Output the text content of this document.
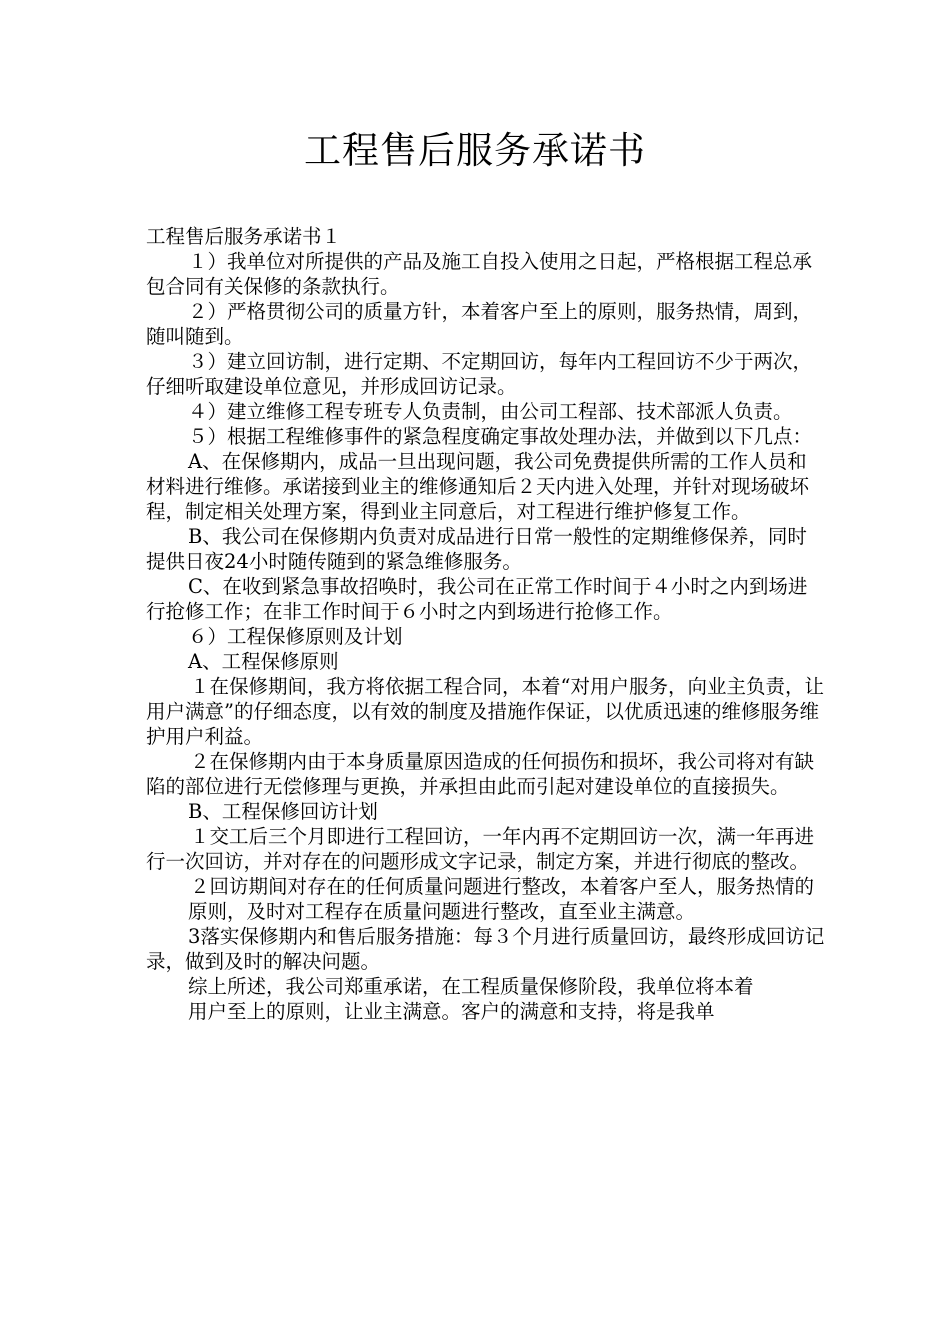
工程售后服务承诺书

工程售后服务承诺书１

１）我单位对所提供的产品及施工自投入使用之日起，严格根据工程总承包合同有关保修的条款执行。

２）严格贯彻公司的质量方针，本着客户至上的原则，服务热情，周到，随叫随到。

３）建立回访制，进行定期、不定期回访，每年内工程回访不少于两次，仔细听取建设单位意见，并形成回访记录。

４）建立维修工程专班专人负责制，由公司工程部、技术部派人负责。

５）根据工程维修事件的紧急程度确定事故处理办法，并做到以下几点：

A、在保修期内，成品一旦出现问题，我公司免费提供所需的工作人员和材料进行维修。承诺接到业主的维修通知后２天内进入处理，并针对现场破坏程，制定相关处理方案，得到业主同意后，对工程进行维护修复工作。

B、我公司在保修期内负责对成品进行日常一般性的定期维修保养，同时提供日夜24小时随传随到的紧急维修服务。

C、在收到紧急事故招唤时，我公司在正常工作时间于４小时之内到场进行抢修工作；在非工作时间于６小时之内到场进行抢修工作。

６）工程保修原则及计划

A、工程保修原则

１在保修期间，我方将依据工程合同，本着“对用户服务，向业主负责，让用户满意”的仔细态度，以有效的制度及措施作保证，以优质迅速的维修服务维护用户利益。

２在保修期内由于本身质量原因造成的任何损伤和损坏，我公司将对有缺陷的部位进行无偿修理与更换，并承担由此而引起对建设单位的直接损失。

B、工程保修回访计划

１交工后三个月即进行工程回访，一年内再不定期回访一次，满一年再进行一次回访，并对存在的问题形成文字记录，制定方案，并进行彻底的整改。

２回访期间对存在的任何质量问题进行整改，本着客户至人，服务热情的

原则，及时对工程存在质量问题进行整改，直至业主满意。

3落实保修期内和售后服务措施：每３个月进行质量回访，最终形成回访记录，做到及时的解决问题。

综上所述，我公司郑重承诺，在工程质量保修阶段，我单位将本着

用户至上的原则，让业主满意。客户的满意和支持，将是我单
